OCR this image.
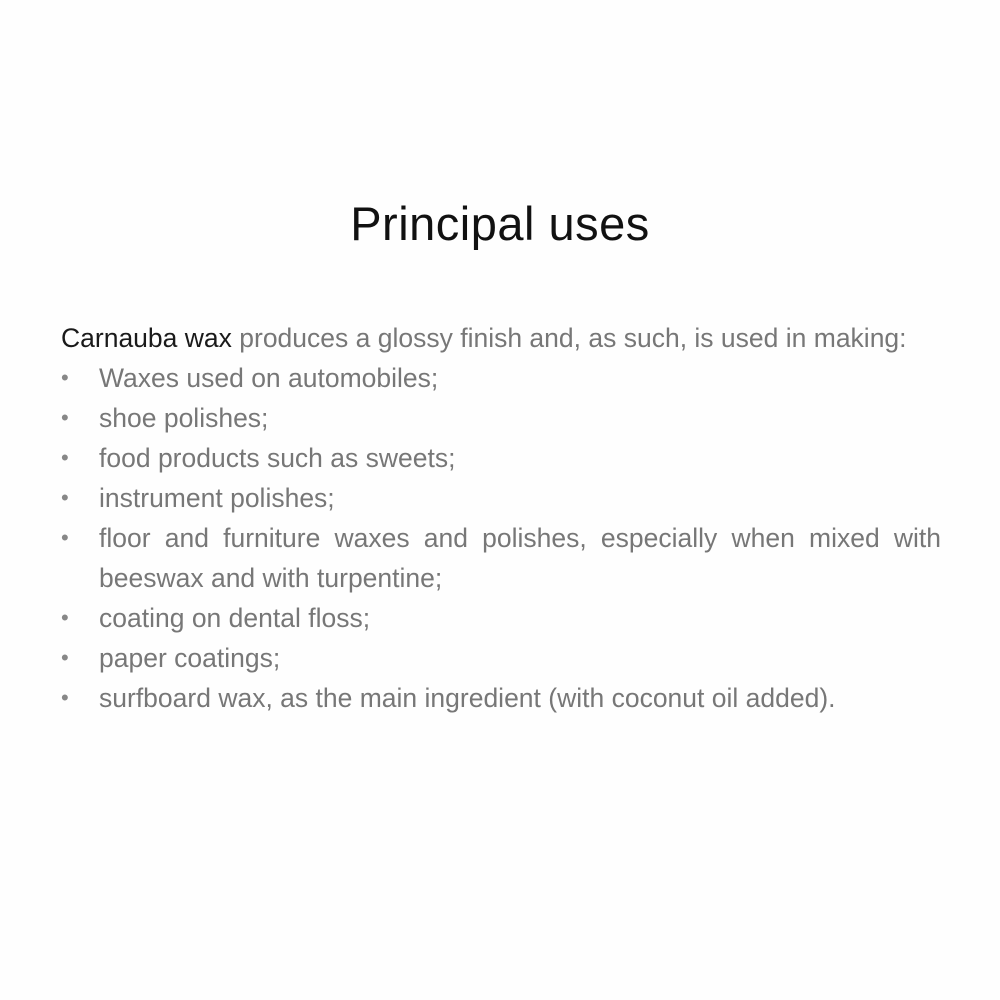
Principal uses

Carnauba wax produces a glossy finish and, as such, is used in making:

•	Waxes used on automobiles;
•	shoe polishes;
•	food products such as sweets;
•	instrument polishes;
•	floor and furniture waxes and polishes, especially when mixed with beeswax and with turpentine;
•	coating on dental floss;
•	paper coatings;
•	surfboard wax, as the main ingredient (with coconut oil added).
